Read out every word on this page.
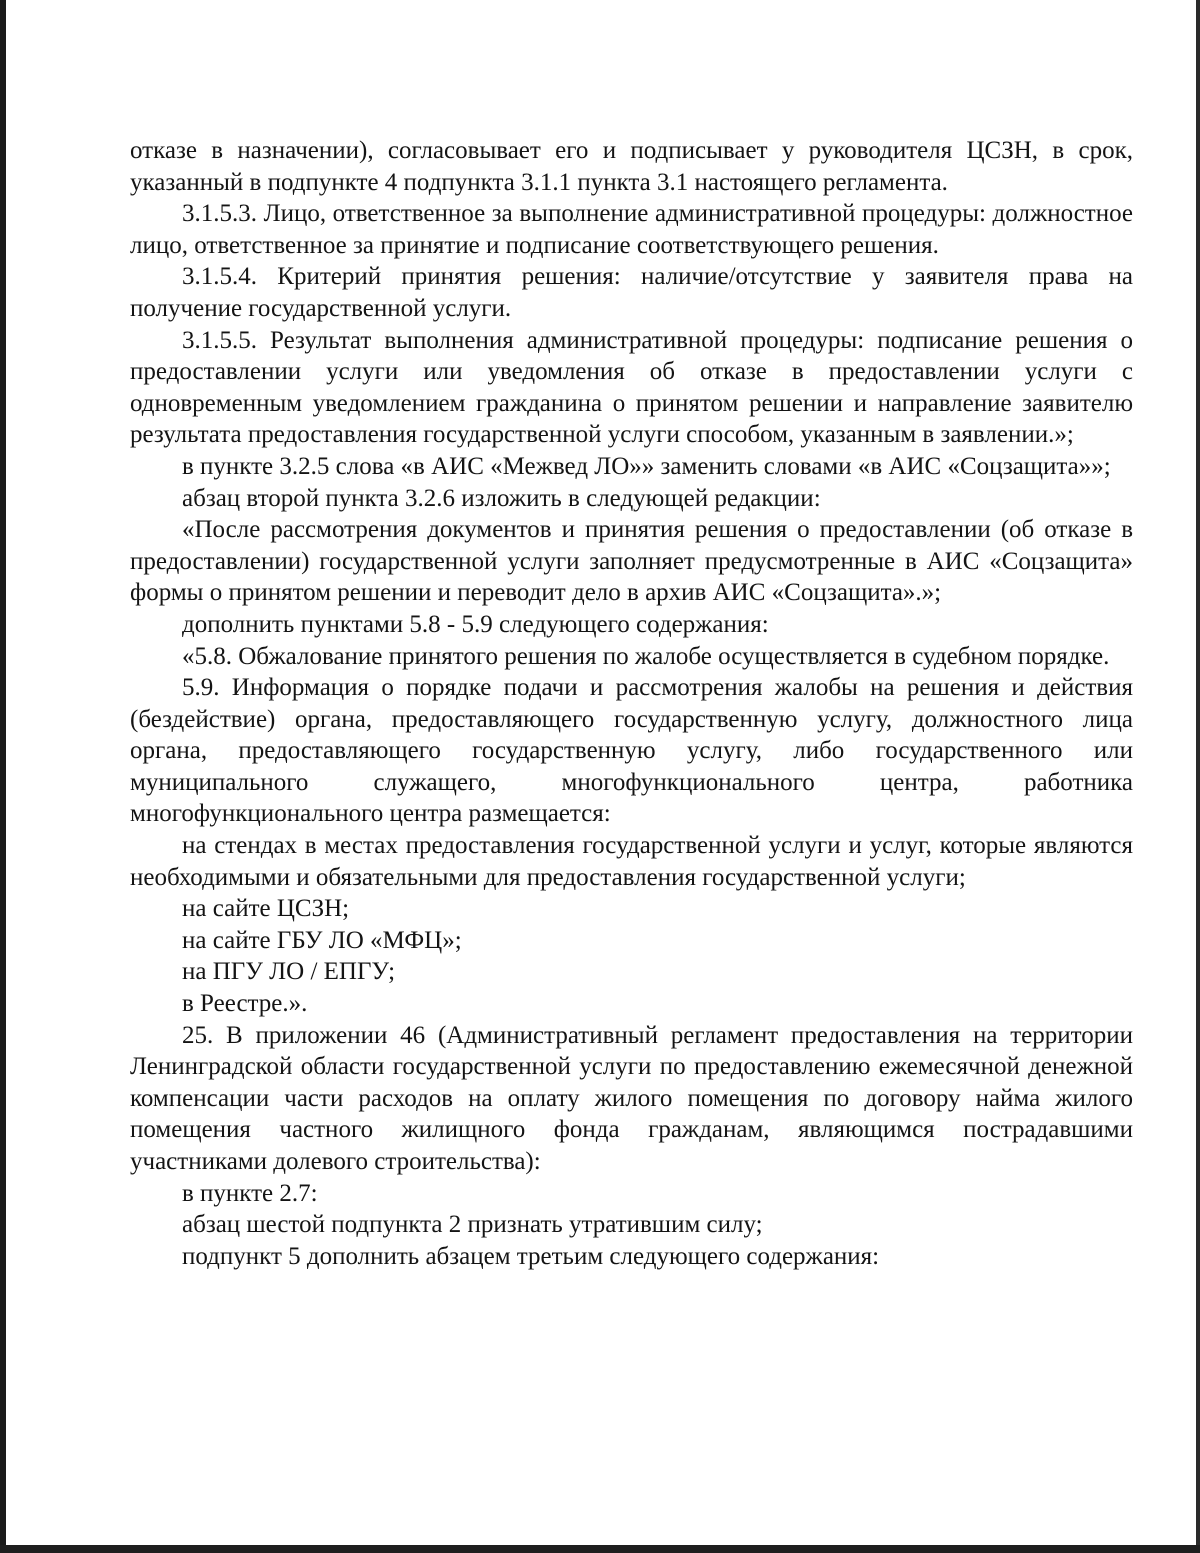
отказе в назначении), согласовывает его и подписывает у руководителя ЦСЗН, в срок, указанный в подпункте 4 подпункта 3.1.1 пункта 3.1 настоящего регламента.

3.1.5.3. Лицо, ответственное за выполнение административной процедуры: должностное лицо, ответственное за принятие и подписание соответствующего решения.

3.1.5.4. Критерий принятия решения: наличие/отсутствие у заявителя права на получение государственной услуги.

3.1.5.5. Результат выполнения административной процедуры: подписание решения о предоставлении услуги или уведомления об отказе в предоставлении услуги с одновременным уведомлением гражданина о принятом решении и направление заявителю результата предоставления государственной услуги способом, указанным в заявлении.»;

в пункте 3.2.5 слова «в АИС «Межвед ЛО»» заменить словами «в АИС «Соцзащита»»;

абзац второй пункта 3.2.6 изложить в следующей редакции:

«После рассмотрения документов и принятия решения о предоставлении (об отказе в предоставлении) государственной услуги заполняет предусмотренные в АИС «Соцзащита» формы о принятом решении и переводит дело в архив АИС «Соцзащита».»;

дополнить пунктами 5.8 - 5.9 следующего содержания:

«5.8. Обжалование принятого решения по жалобе осуществляется в судебном порядке.

5.9. Информация о порядке подачи и рассмотрения жалобы на решения и действия (бездействие) органа, предоставляющего государственную услугу, должностного лица органа, предоставляющего государственную услугу, либо государственного или муниципального служащего, многофункционального центра, работника многофункционального центра размещается:

на стендах в местах предоставления государственной услуги и услуг, которые являются необходимыми и обязательными для предоставления государственной услуги;

на сайте ЦСЗН;

на сайте ГБУ ЛО «МФЦ»;

на ПГУ ЛО / ЕПГУ;

в Реестре.».

25. В приложении 46 (Административный регламент предоставления на территории Ленинградской области государственной услуги по предоставлению ежемесячной денежной компенсации части расходов на оплату жилого помещения по договору найма жилого помещения частного жилищного фонда гражданам, являющимся пострадавшими участниками долевого строительства):

в пункте 2.7:

абзац шестой подпункта 2 признать утратившим силу;

подпункт 5 дополнить абзацем третьим следующего содержания:
